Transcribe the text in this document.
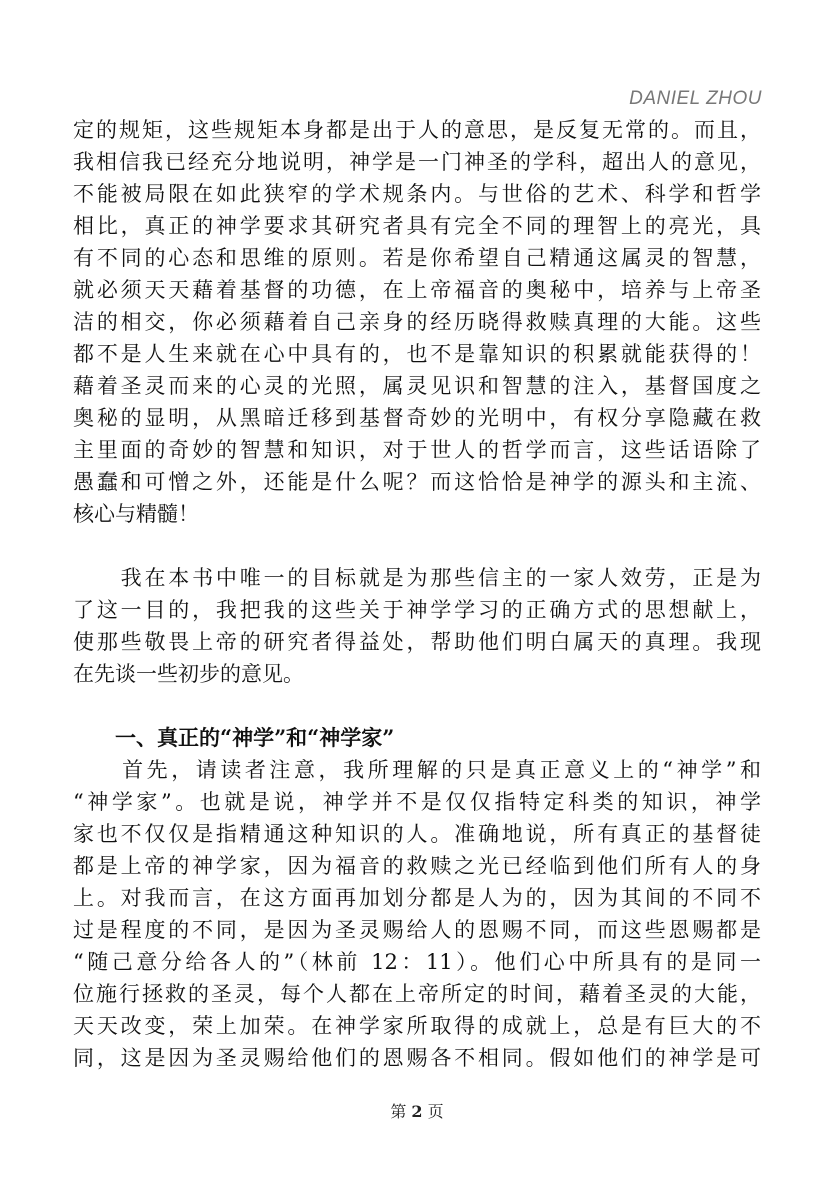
DANIEL ZHOU
定的规矩，这些规矩本身都是出于人的意思，是反复无常的。而且，
我相信我已经充分地说明，神学是一门神圣的学科，超出人的意见，
不能被局限在如此狭窄的学术规条内。与世俗的艺术、科学和哲学
相比，真正的神学要求其研究者具有完全不同的理智上的亮光，具
有不同的心态和思维的原则。若是你希望自己精通这属灵的智慧，
就必须天天藉着基督的功德，在上帝福音的奥秘中，培养与上帝圣
洁的相交，你必须藉着自己亲身的经历晓得救赎真理的大能。这些
都不是人生来就在心中具有的，也不是靠知识的积累就能获得的！
藉着圣灵而来的心灵的光照，属灵见识和智慧的注入，基督国度之
奥秘的显明，从黑暗迁移到基督奇妙的光明中，有权分享隐藏在救
主里面的奇妙的智慧和知识，对于世人的哲学而言，这些话语除了
愚蠢和可憎之外，还能是什么呢？而这恰恰是神学的源头和主流、
核心与精髓！
　　我在本书中唯一的目标就是为那些信主的一家人效劳，正是为
了这一目的，我把我的这些关于神学学习的正确方式的思想献上，
使那些敬畏上帝的研究者得益处，帮助他们明白属天的真理。我现
在先谈一些初步的意见。
　　一、真正的“神学”和“神学家”
　　首先，请读者注意，我所理解的只是真正意义上的“神学”和
“神学家”。也就是说，神学并不是仅仅指特定科类的知识，神学
家也不仅仅是指精通这种知识的人。准确地说，所有真正的基督徒
都是上帝的神学家，因为福音的救赎之光已经临到他们所有人的身
上。对我而言，在这方面再加划分都是人为的，因为其间的不同不
过是程度的不同，是因为圣灵赐给人的恩赐不同，而这些恩赐都是
“随己意分给各人的”（林前 12：11）。他们心中所具有的是同一
位施行拯救的圣灵，每个人都在上帝所定的时间，藉着圣灵的大能，
天天改变，荣上加荣。在神学家所取得的成就上，总是有巨大的不
同，这是因为圣灵赐给他们的恩赐各不相同。假如他们的神学是可
第 2 页
